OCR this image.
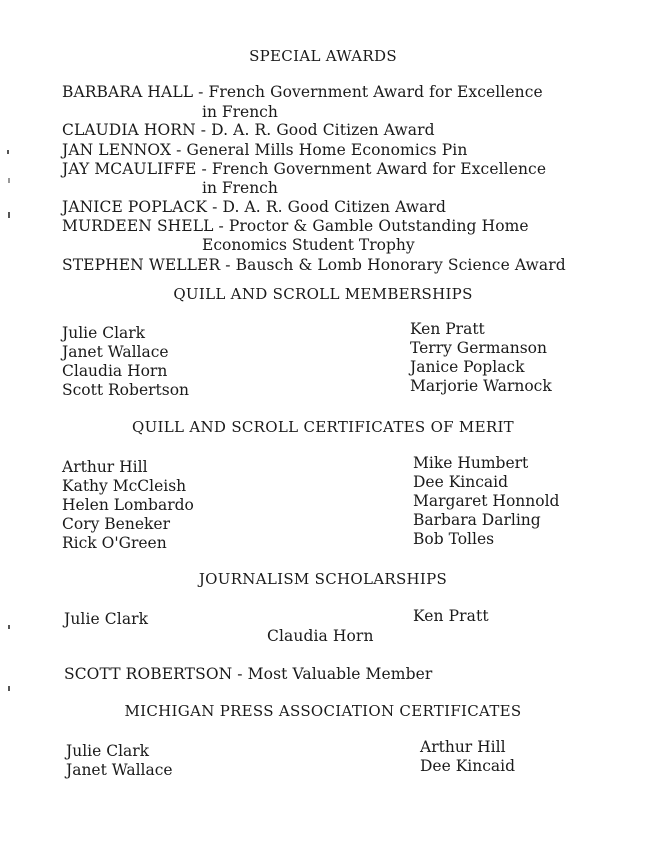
SPECIAL AWARDS
BARBARA HALL - French Government Award for Excellence
in French
CLAUDIA HORN - D. A. R. Good Citizen Award
JAN LENNOX - General Mills Home Economics Pin
JAY MCAULIFFE - French Government Award for Excellence
in French
JANICE POPLACK - D. A. R. Good Citizen Award
MURDEEN SHELL - Proctor & Gamble Outstanding Home
Economics Student Trophy
STEPHEN WELLER - Bausch & Lomb Honorary Science Award
QUILL AND SCROLL MEMBERSHIPS
Julie Clark
Janet Wallace
Claudia Horn
Scott Robertson
Ken Pratt
Terry Germanson
Janice Poplack
Marjorie Warnock
QUILL AND SCROLL CERTIFICATES OF MERIT
Arthur Hill
Kathy McCleish
Helen Lombardo
Cory Beneker
Rick O'Green
Mike Humbert
Dee Kincaid
Margaret Honnold
Barbara Darling
Bob Tolles
JOURNALISM SCHOLARSHIPS
Julie Clark	Ken Pratt
Claudia Horn
SCOTT ROBERTSON - Most Valuable Member
MICHIGAN PRESS ASSOCIATION CERTIFICATES
Julie Clark
Janet Wallace
Arthur Hill
Dee Kincaid
